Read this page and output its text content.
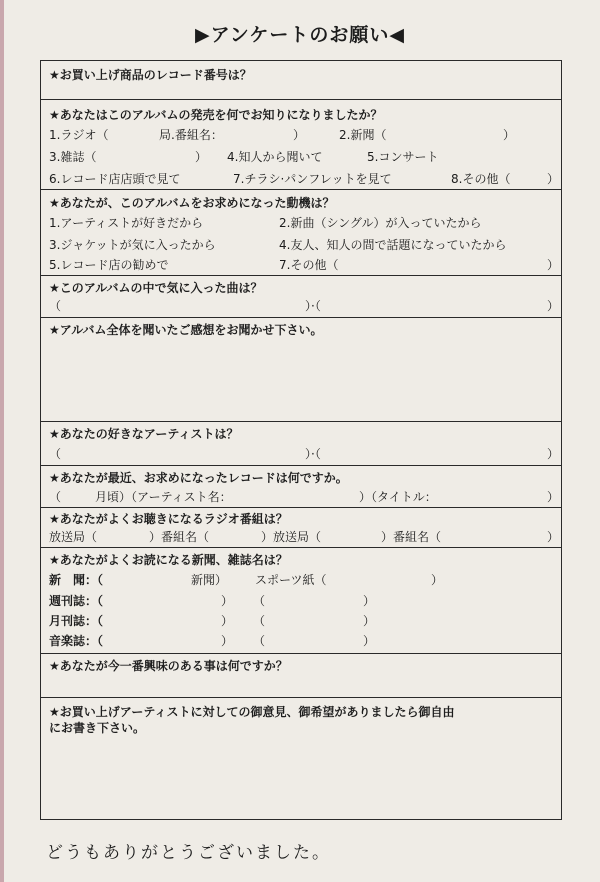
▶アンケートのお願い◀
★お買い上げ商品のレコード番号は？
★あなたはこのアルバムの発売を何でお知りになりましたか？
1.ラジオ（	局.番組名：	）	2.新聞（	）
3.雑誌（	） 4.知人から聞いて	5.コンサート
6.レコード店店頭で見て	7.チラシ·パンフレットを見て	8.その他（	）
★あなたが、このアルバムをお求めになった動機は？
1.アーティストが好きだから	2.新曲（シングル）が入っていたから
3.ジャケットが気に入ったから	4.友人、知人の間で話題になっていたから
5.レコード店の勧めで	7.その他（	）
★このアルバムの中で気に入った曲は？
（	）·（	）
★アルバム全体を聞いたご感想をお聞かせ下さい。
★あなたの好きなアーティストは？
（	）·（	）
★あなたが最近、お求めになったレコードは何ですか。
（	月頃）（アーティスト名：	）（タイトル：	）
★あなたがよくお聴きになるラジオ番組は？
放送局（	）番組名（	）放送局（	）番組名（	）
★あなたがよくお読になる新聞、雑誌名は？
新　聞：（	新聞） スポーツ紙（	）
週刊誌：（	） （	）
月刊誌：（	） （	）
音楽誌：（	） （	）
★あなたが今一番興味のある事は何ですか？
★お買い上げアーティストに対しての御意見、御希望がありましたら御自由
にお書き下さい。
どうもありがとうございました。
